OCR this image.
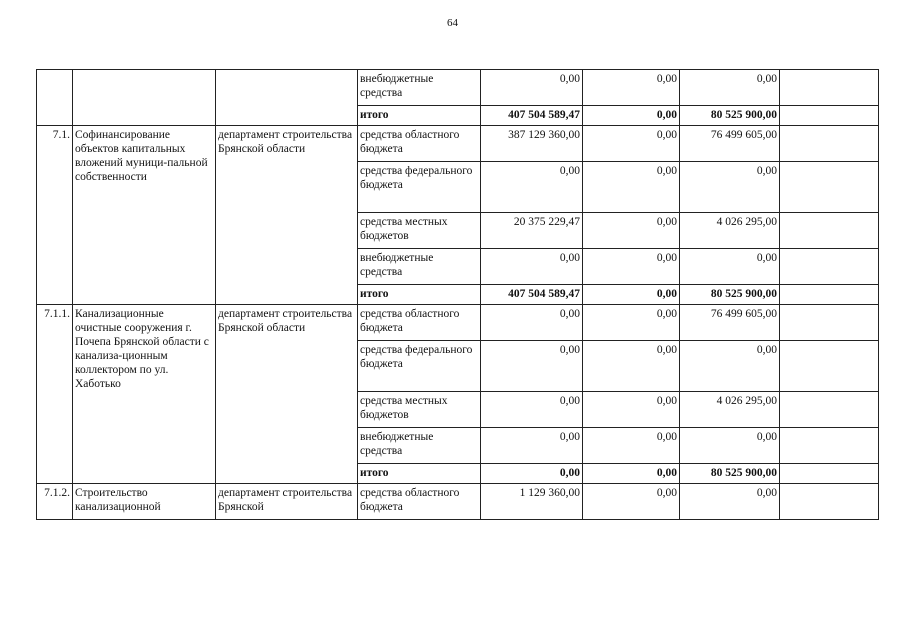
64
			внебюджетные средства	0,00	0,00	0,00	
			итого	407 504 589,47	0,00	80 525 900,00	
7.1.	Софинансирование объектов капитальных вложений муници-пальной собственности	департамент строительства Брянской области	средства областного бюджета	387 129 360,00	0,00	76 499 605,00	
			средства федерального бюджета	0,00	0,00	0,00	
			средства местных бюджетов	20 375 229,47	0,00	4 026 295,00	
			внебюджетные средства	0,00	0,00	0,00	
			итого	407 504 589,47	0,00	80 525 900,00	
7.1.1.	Канализационные очистные сооружения г. Почепа Брянской области с канализа-ционным коллектором по ул. Хаботько	департамент строительства Брянской области	средства областного бюджета	0,00	0,00	76 499 605,00	
			средства федерального бюджета	0,00	0,00	0,00	
			средства местных бюджетов	0,00	0,00	4 026 295,00	
			внебюджетные средства	0,00	0,00	0,00	
			итого	0,00	0,00	80 525 900,00	
7.1.2.	Строительство канализационной	департамент строительства Брянской	средства областного бюджета	1 129 360,00	0,00	0,00	
